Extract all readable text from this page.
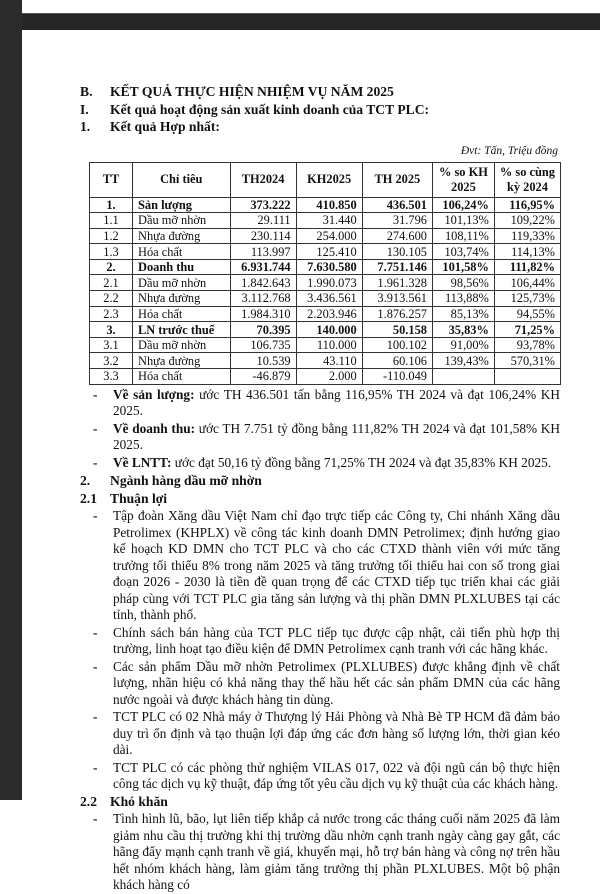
B.	KẾT QUẢ THỰC HIỆN NHIỆM VỤ NĂM 2025
I.	Kết quả hoạt động sản xuất kinh doanh của TCT PLC:
1.	Kết quả Hợp nhất:
Đvt: Tấn, Triệu đồng
TT	Chỉ tiêu	TH2024	KH2025	TH 2025	% so KH 2025	% so cùng kỳ 2024
1.	Sản lượng	373.222	410.850	436.501	106,24%	116,95%
1.1	Dầu mỡ nhờn	29.111	31.440	31.796	101,13%	109,22%
1.2	Nhựa đường	230.114	254.000	274.600	108,11%	119,33%
1.3	Hóa chất	113.997	125.410	130.105	103,74%	114,13%
2.	Doanh thu	6.931.744	7.630.580	7.751.146	101,58%	111,82%
2.1	Dầu mỡ nhờn	1.842.643	1.990.073	1.961.328	98,56%	106,44%
2.2	Nhựa đường	3.112.768	3.436.561	3.913.561	113,88%	125,73%
2.3	Hóa chất	1.984.310	2.203.946	1.876.257	85,13%	94,55%
3.	LN trước thuế	70.395	140.000	50.158	35,83%	71,25%
3.1	Dầu mỡ nhờn	106.735	110.000	100.102	91,00%	93,78%
3.2	Nhựa đường	10.539	43.110	60.106	139,43%	570,31%
3.3	Hóa chất	-46.879	2.000	-110.049		
-	Về sản lượng: ước TH 436.501 tấn bằng 116,95% TH 2024 và đạt 106,24% KH 2025.
-	Về doanh thu: ước TH 7.751 tỷ đồng bằng 111,82% TH 2024 và đạt 101,58% KH 2025.
-	Về LNTT: ước đạt 50,16 tỷ đồng bằng 71,25% TH 2024 và đạt 35,83% KH 2025.
2.	Ngành hàng dầu mỡ nhờn
2.1 Thuận lợi
-	Tập đoàn Xăng dầu Việt Nam chỉ đạo trực tiếp các Công ty, Chi nhánh Xăng dầu Petrolimex (KHPLX) về công tác kinh doanh DMN Petrolimex; định hướng giao kế hoạch KD DMN cho TCT PLC và cho các CTXD thành viên với mức tăng trưởng tối thiểu 8% trong năm 2025 và tăng trưởng tối thiểu hai con số trong giai đoạn 2026 - 2030 là tiền đề quan trọng để các CTXD tiếp tục triển khai các giải pháp cùng với TCT PLC gia tăng sản lượng và thị phần DMN PLXLUBES tại các tỉnh, thành phố.
-	Chính sách bán hàng của TCT PLC tiếp tục được cập nhật, cải tiến phù hợp thị trường, linh hoạt tạo điều kiện để DMN Petrolimex cạnh tranh với các hãng khác.
-	Các sản phẩm Dầu mỡ nhờn Petrolimex (PLXLUBES) được khẳng định về chất lượng, nhãn hiệu có khả năng thay thế hầu hết các sản phẩm DMN của các hãng nước ngoài và được khách hàng tin dùng.
-	TCT PLC có 02 Nhà máy ở Thượng lý Hải Phòng và Nhà Bè TP HCM đã đảm bảo duy trì ổn định và tạo thuận lợi đáp ứng các đơn hàng số lượng lớn, thời gian kéo dài.
-	TCT PLC có các phòng thử nghiệm VILAS 017, 022 và đội ngũ cán bộ thực hiện công tác dịch vụ kỹ thuật, đáp ứng tốt yêu cầu dịch vụ kỹ thuật của các khách hàng.
2.2 Khó khăn
-	Tình hình lũ, bão, lụt liên tiếp khắp cả nước trong các tháng cuối năm 2025 đã làm giảm nhu cầu thị trường khi thị trường dầu nhờn cạnh tranh ngày càng gay gắt, các hãng đẩy mạnh cạnh tranh về giá, khuyến mại, hỗ trợ bán hàng và công nợ trên hầu hết nhóm khách hàng, làm giảm tăng trưởng thị phần PLXLUBES. Một bộ phận khách hàng có
